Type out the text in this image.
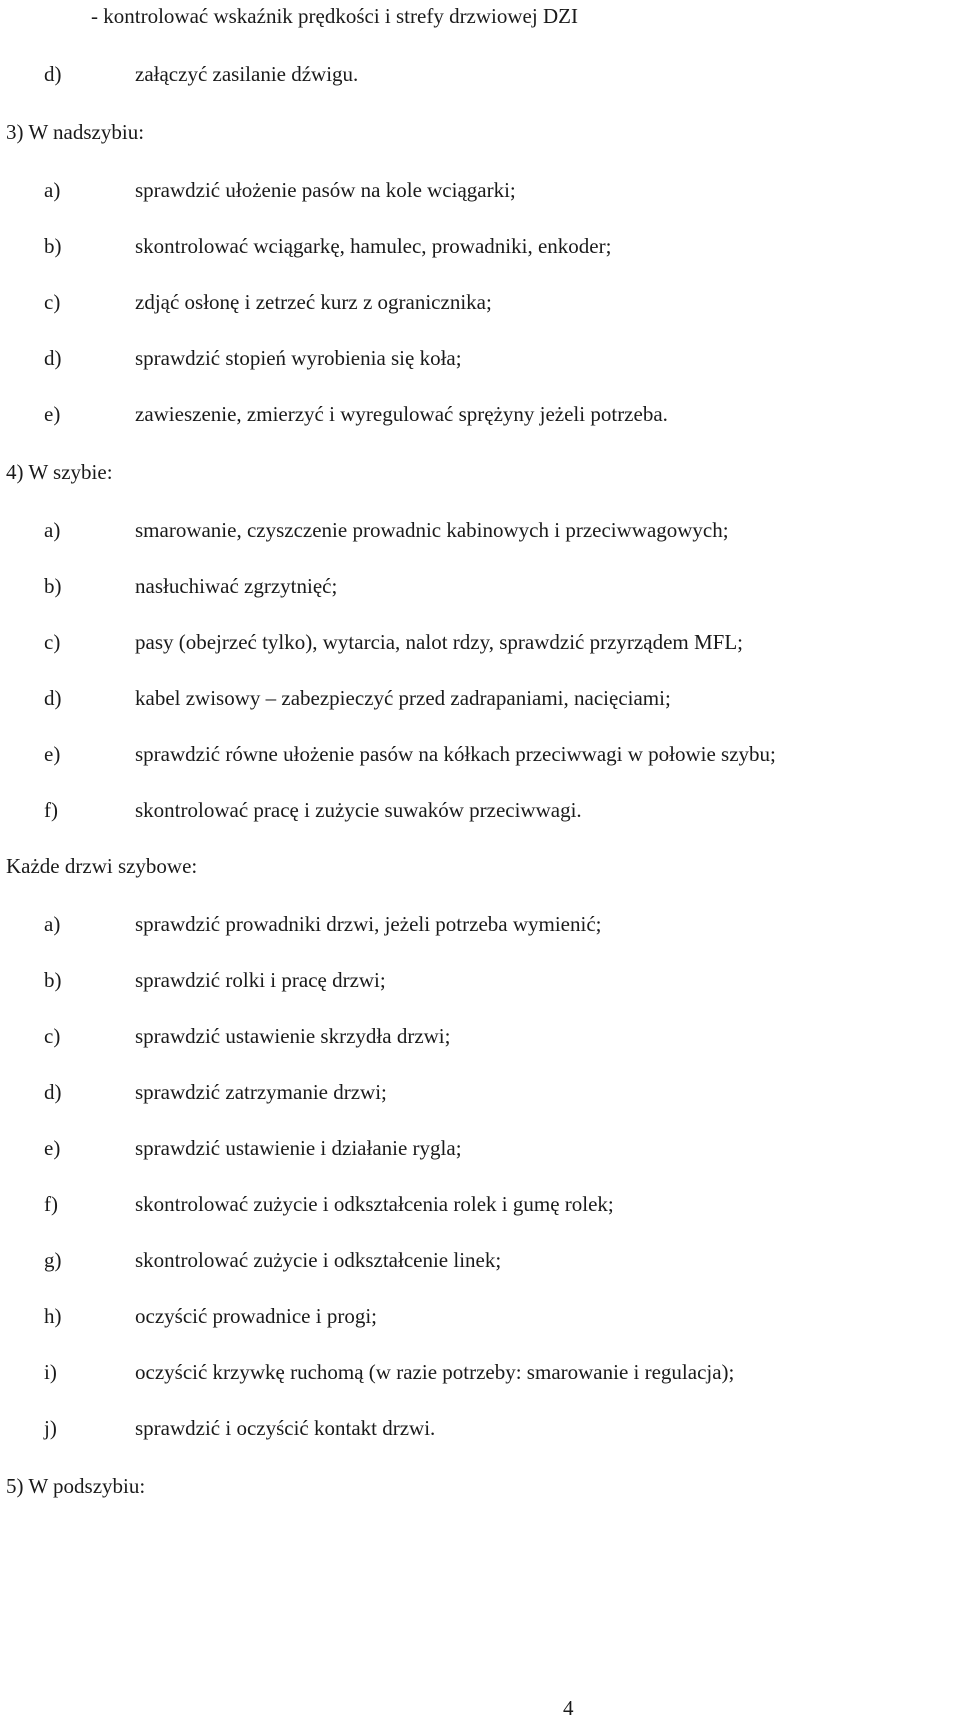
- kontrolować wskaźnik prędkości i strefy drzwiowej DZI
d)	załączyć zasilanie dźwigu.
3) W nadszybiu:
a)	sprawdzić ułożenie pasów na kole wciągarki;
b)	skontrolować wciągarkę, hamulec, prowadniki, enkoder;
c)	zdjąć osłonę i zetrzeć kurz z ogranicznika;
d)	sprawdzić stopień wyrobienia się koła;
e)	zawieszenie, zmierzyć i wyregulować sprężyny jeżeli potrzeba.
4) W szybie:
a)	smarowanie, czyszczenie prowadnic kabinowych i przeciwwagowych;
b)	nasłuchiwać zgrzytnięć;
c)	pasy (obejrzeć tylko), wytarcia, nalot rdzy, sprawdzić przyrządem MFL;
d)	kabel zwisowy – zabezpieczyć przed zadrapaniami, nacięciami;
e)	sprawdzić równe ułożenie pasów na kółkach przeciwwagi w połowie szybu;
f)	skontrolować pracę i zużycie suwaków przeciwwagi.
Każde drzwi szybowe:
a)	sprawdzić prowadniki drzwi, jeżeli potrzeba wymienić;
b)	sprawdzić rolki i pracę drzwi;
c)	sprawdzić ustawienie skrzydła drzwi;
d)	sprawdzić zatrzymanie drzwi;
e)	sprawdzić ustawienie i działanie rygla;
f)	skontrolować zużycie i odkształcenia rolek i gumę rolek;
g)	skontrolować zużycie i odkształcenie linek;
h)	oczyścić prowadnice i progi;
i)	oczyścić krzywkę ruchomą (w razie potrzeby: smarowanie i regulacja);
j)	sprawdzić i oczyścić kontakt drzwi.
5) W podszybiu:
4
